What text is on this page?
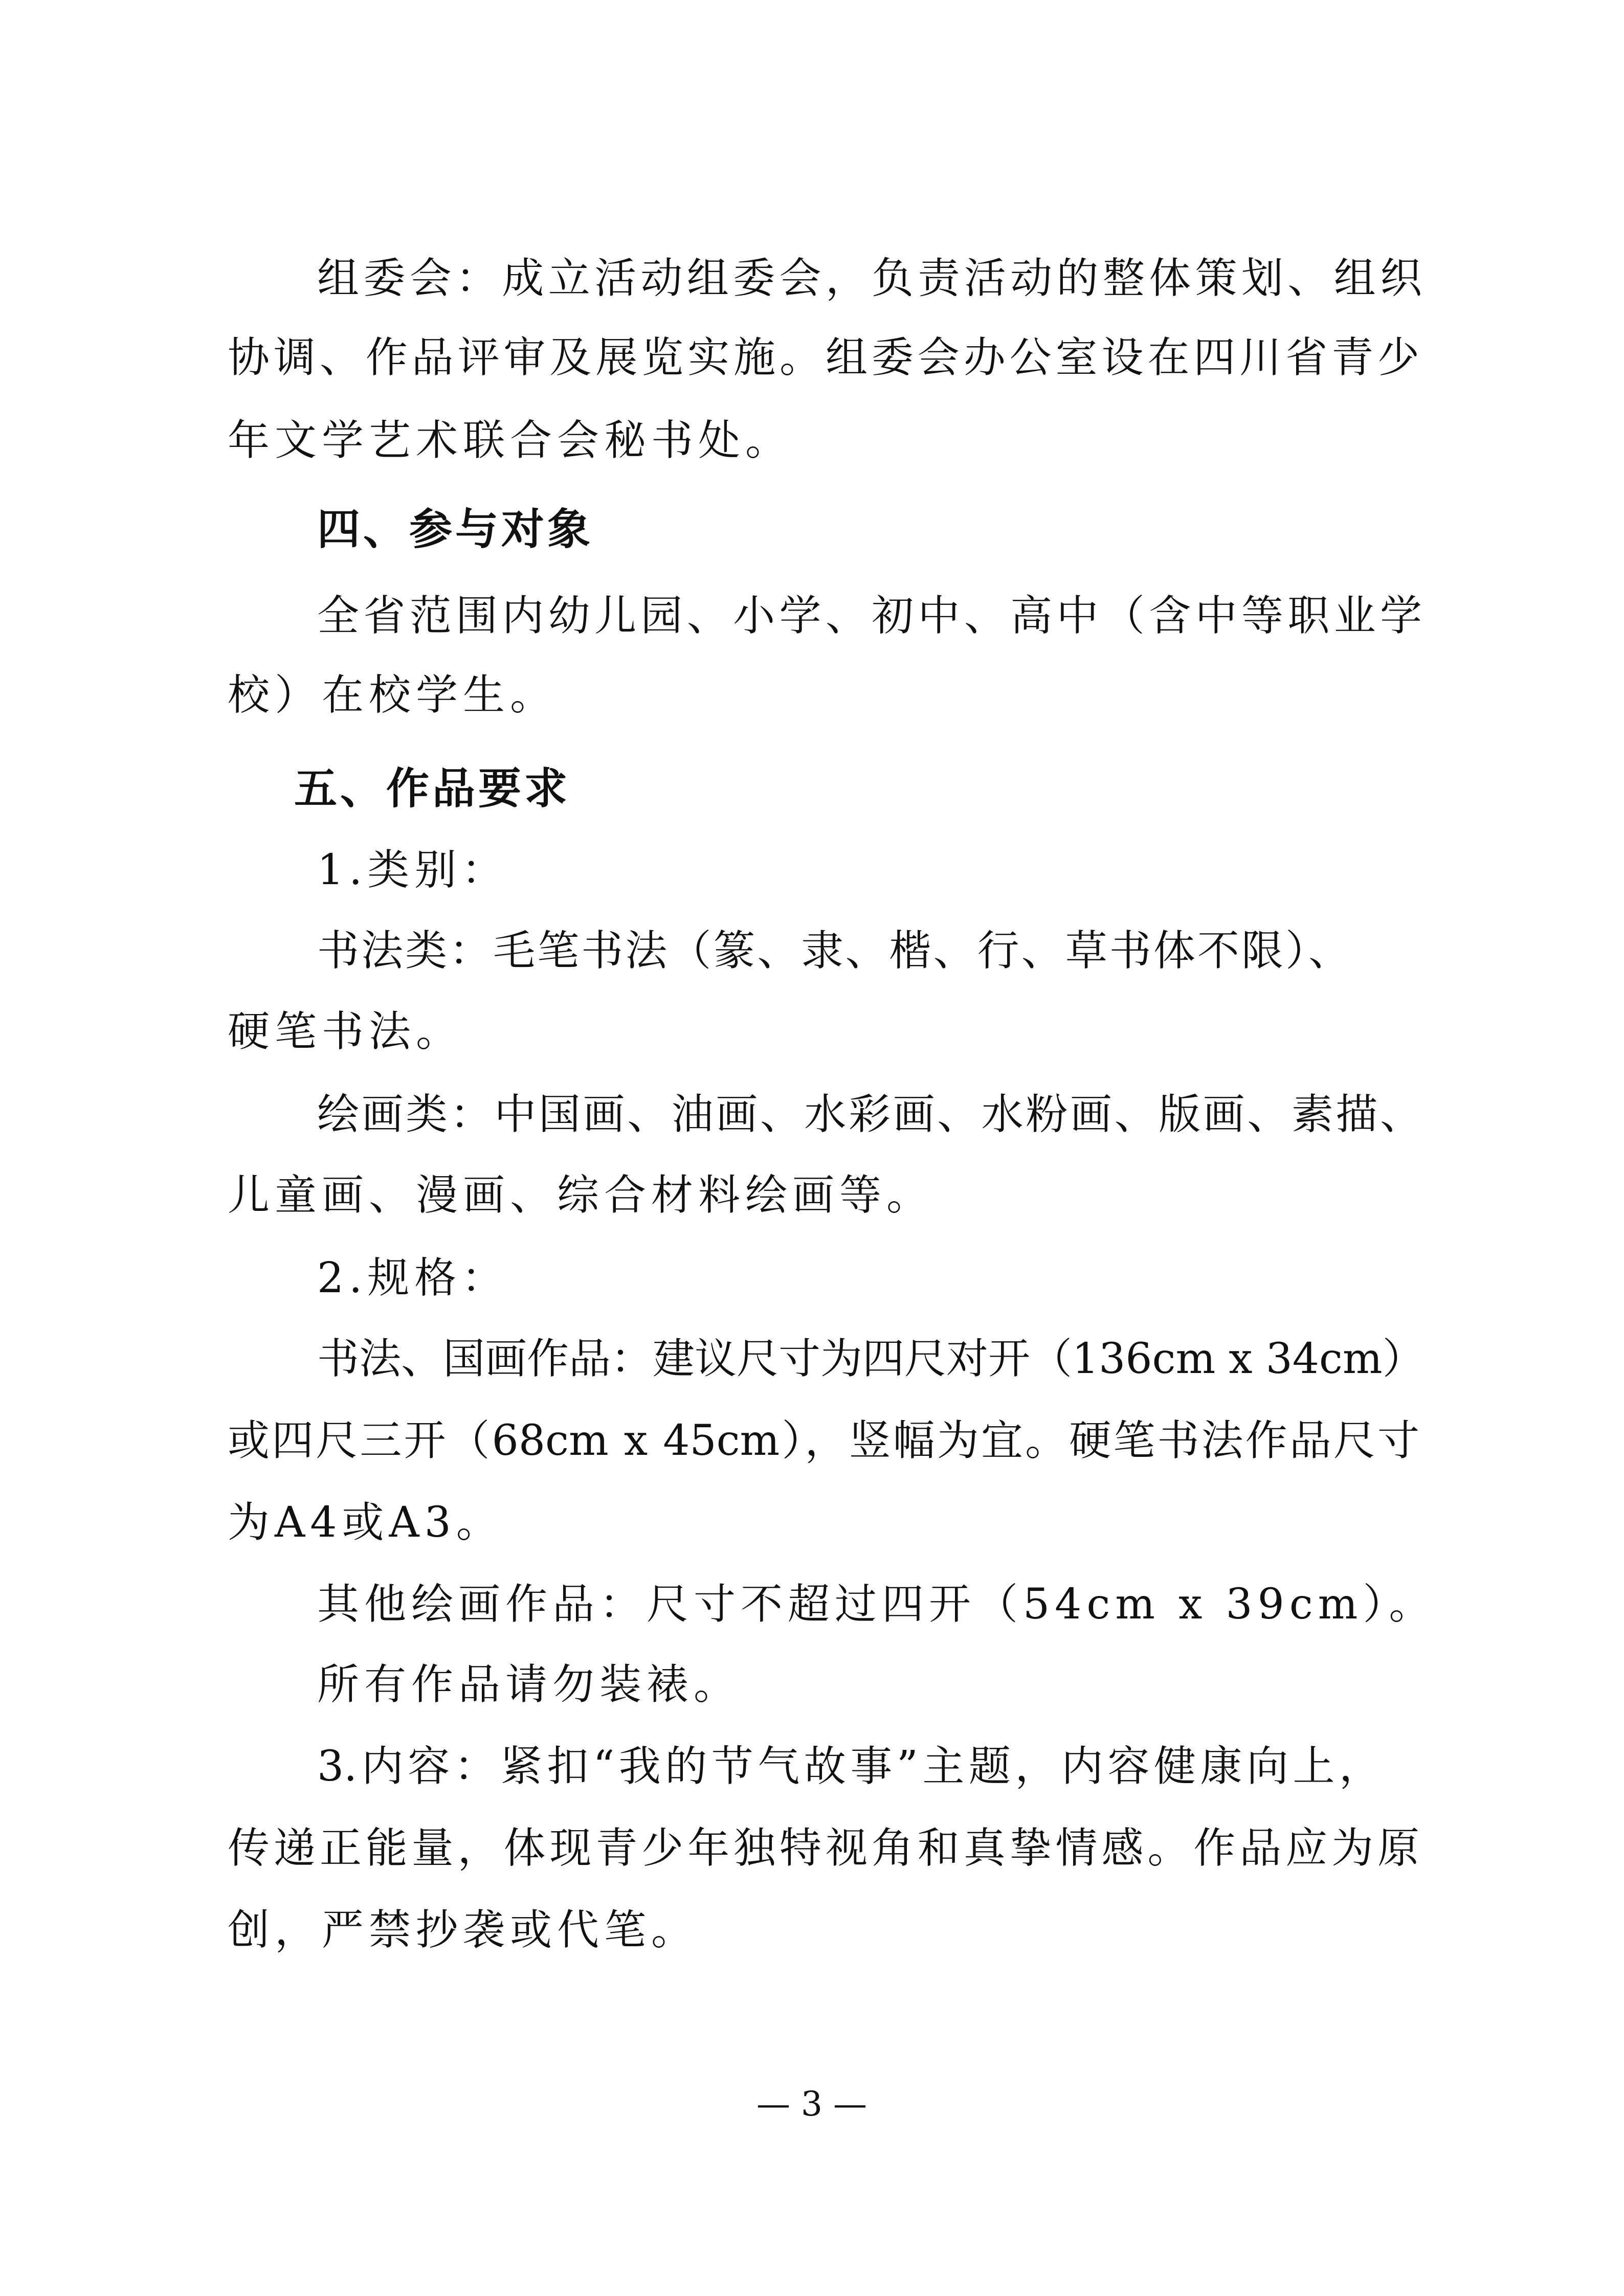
组委会：成立活动组委会，负责活动的整体策划、组织
协调、作品评审及展览实施。组委会办公室设在四川省青少
年文学艺术联合会秘书处。
四、参与对象
全省范围内幼儿园、小学、初中、高中（含中等职业学
校）在校学生。
五、作品要求
1.类别：
书法类：毛笔书法（篆、隶、楷、行、草书体不限）、
硬笔书法。
绘画类：中国画、油画、水彩画、水粉画、版画、素描、
儿童画、漫画、综合材料绘画等。
2.规格：
书法、国画作品：建议尺寸为四尺对开（136cm x 34cm）
或四尺三开（68cm x 45cm），竖幅为宜。硬笔书法作品尺寸
为A4或A3。
其他绘画作品：尺寸不超过四开（54cm x 39cm）。
所有作品请勿装裱。
3.内容：紧扣“我的节气故事”主题，内容健康向上，
传递正能量，体现青少年独特视角和真挚情感。作品应为原
创，严禁抄袭或代笔。
— 3 —
